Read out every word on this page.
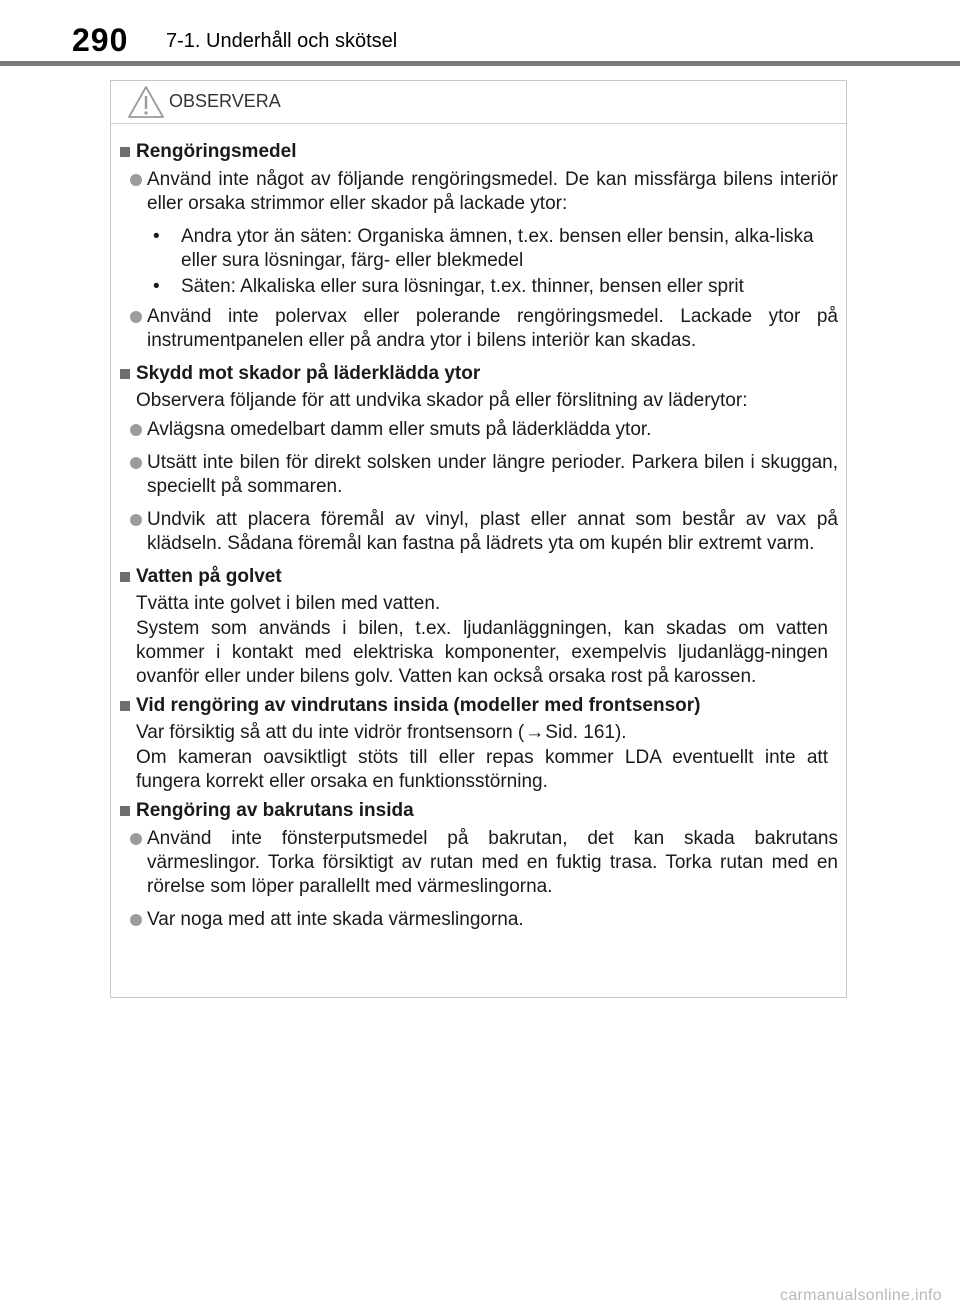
290 7-1. Underhåll och skötsel
OBSERVERA
Rengöringsmedel
Använd inte något av följande rengöringsmedel. De kan missfärga bilens interiör eller orsaka strimmor eller skador på lackade ytor:
•	Andra ytor än säten: Organiska ämnen, t.ex. bensen eller bensin, alka-liska eller sura lösningar, färg- eller blekmedel
•	Säten: Alkaliska eller sura lösningar, t.ex. thinner, bensen eller sprit
Använd inte polervax eller polerande rengöringsmedel. Lackade ytor på instrumentpanelen eller på andra ytor i bilens interiör kan skadas.
Skydd mot skador på läderklädda ytor
Observera följande för att undvika skador på eller förslitning av läderytor:
Avlägsna omedelbart damm eller smuts på läderklädda ytor.
Utsätt inte bilen för direkt solsken under längre perioder. Parkera bilen i skuggan, speciellt på sommaren.
Undvik att placera föremål av vinyl, plast eller annat som består av vax på klädseln. Sådana föremål kan fastna på lädrets yta om kupén blir extremt varm.
Vatten på golvet
Tvätta inte golvet i bilen med vatten.
System som används i bilen, t.ex. ljudanläggningen, kan skadas om vatten kommer i kontakt med elektriska komponenter, exempelvis ljudanlägg-ningen ovanför eller under bilens golv. Vatten kan också orsaka rost på karossen.
Vid rengöring av vindrutans insida (modeller med frontsensor)
Var försiktig så att du inte vidrör frontsensorn (→Sid. 161).
Om kameran oavsiktligt stöts till eller repas kommer LDA eventuellt inte att fungera korrekt eller orsaka en funktionsstörning.
Rengöring av bakrutans insida
Använd inte fönsterputsmedel på bakrutan, det kan skada bakrutans värmeslingor. Torka försiktigt av rutan med en fuktig trasa. Torka rutan med en rörelse som löper parallellt med värmeslingorna.
Var noga med att inte skada värmeslingorna.
carmanualsonline.info
